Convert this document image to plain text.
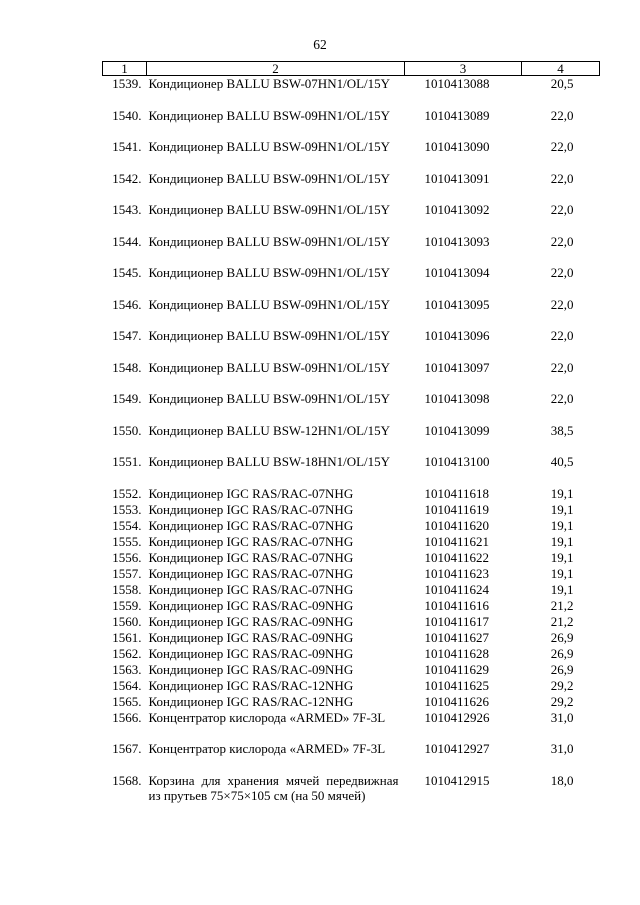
62
1	2	3	4
1539.	Кондиционер BALLU BSW-07HN1/OL/15Y	1010413088	20,5
1540.	Кондиционер BALLU BSW-09HN1/OL/15Y	1010413089	22,0
1541.	Кондиционер BALLU BSW-09HN1/OL/15Y	1010413090	22,0
1542.	Кондиционер BALLU BSW-09HN1/OL/15Y	1010413091	22,0
1543.	Кондиционер BALLU BSW-09HN1/OL/15Y	1010413092	22,0
1544.	Кондиционер BALLU BSW-09HN1/OL/15Y	1010413093	22,0
1545.	Кондиционер BALLU BSW-09HN1/OL/15Y	1010413094	22,0
1546.	Кондиционер BALLU BSW-09HN1/OL/15Y	1010413095	22,0
1547.	Кондиционер BALLU BSW-09HN1/OL/15Y	1010413096	22,0
1548.	Кондиционер BALLU BSW-09HN1/OL/15Y	1010413097	22,0
1549.	Кондиционер BALLU BSW-09HN1/OL/15Y	1010413098	22,0
1550.	Кондиционер BALLU BSW-12HN1/OL/15Y	1010413099	38,5
1551.	Кондиционер BALLU BSW-18HN1/OL/15Y	1010413100	40,5
1552.	Кондиционер IGC RAS/RAC-07NHG	1010411618	19,1
1553.	Кондиционер IGC RAS/RAC-07NHG	1010411619	19,1
1554.	Кондиционер IGC RAS/RAC-07NHG	1010411620	19,1
1555.	Кондиционер IGC RAS/RAC-07NHG	1010411621	19,1
1556.	Кондиционер IGC RAS/RAC-07NHG	1010411622	19,1
1557.	Кондиционер IGC RAS/RAC-07NHG	1010411623	19,1
1558.	Кондиционер IGC RAS/RAC-07NHG	1010411624	19,1
1559.	Кондиционер IGC RAS/RAC-09NHG	1010411616	21,2
1560.	Кондиционер IGC RAS/RAC-09NHG	1010411617	21,2
1561.	Кондиционер IGC RAS/RAC-09NHG	1010411627	26,9
1562.	Кондиционер IGC RAS/RAC-09NHG	1010411628	26,9
1563.	Кондиционер IGC RAS/RAC-09NHG	1010411629	26,9
1564.	Кондиционер IGC RAS/RAC-12NHG	1010411625	29,2
1565.	Кондиционер IGC RAS/RAC-12NHG	1010411626	29,2
1566.	Концентратор кислорода «ARMED» 7F-3L	1010412926	31,0
1567.	Концентратор кислорода «ARMED» 7F-3L	1010412927	31,0
1568.	Корзина для хранения мячей передвижная из прутьев 75×75×105 см (на 50 мячей)	1010412915	18,0
